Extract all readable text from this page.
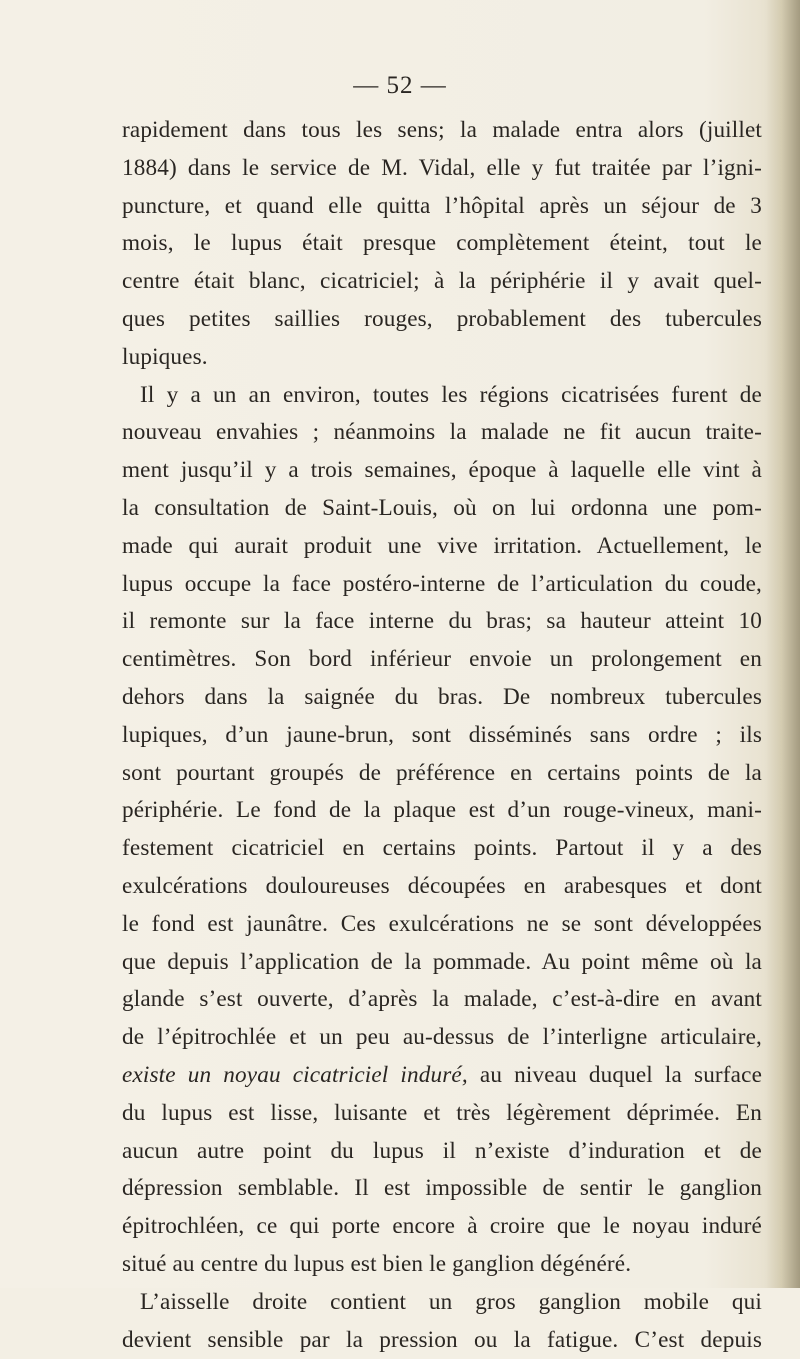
— 52 —
rapidement dans tous les sens; la malade entra alors (juillet
1884) dans le service de M. Vidal, elle y fut traitée par l’igni-
puncture, et quand elle quitta l’hôpital après un séjour de 3
mois, le lupus était presque complètement éteint, tout le
centre était blanc, cicatriciel; à la périphérie il y avait quel-
ques petites saillies rouges, probablement des tubercules
lupiques.
Il y a un an environ, toutes les régions cicatrisées furent de
nouveau envahies ; néanmoins la malade ne fit aucun traite-
ment jusqu’il y a trois semaines, époque à laquelle elle vint à
la consultation de Saint-Louis, où on lui ordonna une pom-
made qui aurait produit une vive irritation. Actuellement, le
lupus occupe la face postéro-interne de l’articulation du coude,
il remonte sur la face interne du bras; sa hauteur atteint 10
centimètres. Son bord inférieur envoie un prolongement en
dehors dans la saignée du bras. De nombreux tubercules
lupiques, d’un jaune-brun, sont disséminés sans ordre ; ils
sont pourtant groupés de préférence en certains points de la
périphérie. Le fond de la plaque est d’un rouge-vineux, mani-
festement cicatriciel en certains points. Partout il y a des
exulcérations douloureuses découpées en arabesques et dont
le fond est jaunâtre. Ces exulcérations ne se sont développées
que depuis l’application de la pommade. Au point même où la
glande s’est ouverte, d’après la malade, c’est-à-dire en avant
de l’épitrochlée et un peu au-dessus de l’interligne articulaire,
existe un noyau cicatriciel induré, au niveau duquel la surface
du lupus est lisse, luisante et très légèrement déprimée. En
aucun autre point du lupus il n’existe d’induration et de
dépression semblable. Il est impossible de sentir le ganglion
épitrochléen, ce qui porte encore à croire que le noyau induré
situé au centre du lupus est bien le ganglion dégénéré.
L’aisselle droite contient un gros ganglion mobile qui
devient sensible par la pression ou la fatigue. C’est depuis
